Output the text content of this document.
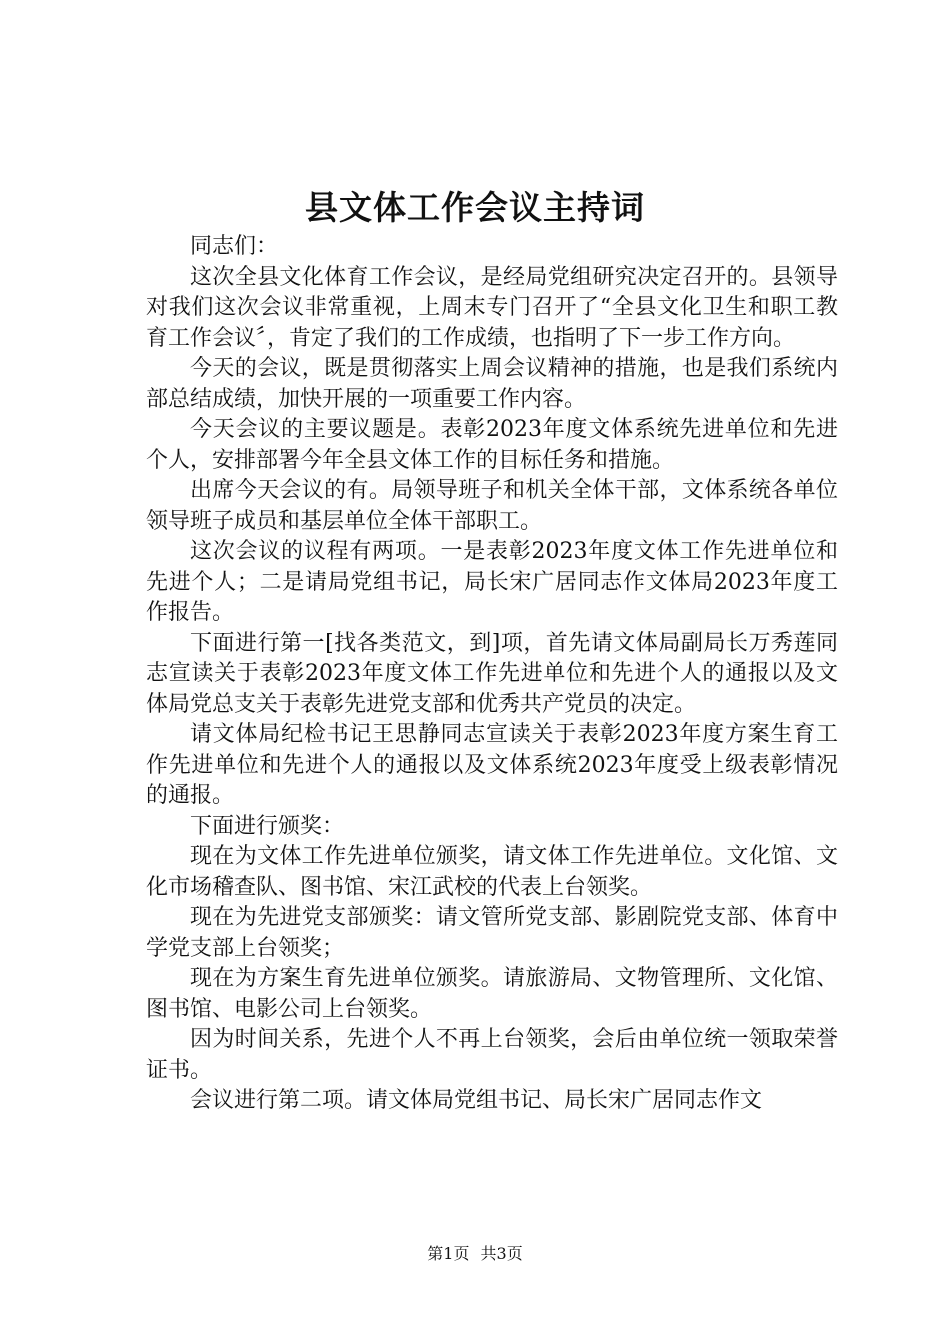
县文体工作会议主持词

同志们：

这次全县文化体育工作会议，是经局党组研究决定召开的。县领导对我们这次会议非常重视，上周末专门召开了“全县文化卫生和职工教育工作会议〞，肯定了我们的工作成绩，也指明了下一步工作方向。

今天的会议，既是贯彻落实上周会议精神的措施，也是我们系统内部总结成绩，加快开展的一项重要工作内容。

今天会议的主要议题是。表彰2023年度文体系统先进单位和先进个人，安排部署今年全县文体工作的目标任务和措施。

出席今天会议的有。局领导班子和机关全体干部，文体系统各单位领导班子成员和基层单位全体干部职工。

这次会议的议程有两项。一是表彰2023年度文体工作先进单位和先进个人；二是请局党组书记，局长宋广居同志作文体局2023年度工作报告。

下面进行第一[找各类范文，到]项，首先请文体局副局长万秀莲同志宣读关于表彰2023年度文体工作先进单位和先进个人的通报以及文体局党总支关于表彰先进党支部和优秀共产党员的决定。

请文体局纪检书记王思静同志宣读关于表彰2023年度方案生育工作先进单位和先进个人的通报以及文体系统2023年度受上级表彰情况的通报。

下面进行颁奖：

现在为文体工作先进单位颁奖，请文体工作先进单位。文化馆、文化市场稽查队、图书馆、宋江武校的代表上台领奖。

现在为先进党支部颁奖：请文管所党支部、影剧院党支部、体育中学党支部上台领奖；

现在为方案生育先进单位颁奖。请旅游局、文物管理所、文化馆、图书馆、电影公司上台领奖。

因为时间关系，先进个人不再上台领奖，会后由单位统一领取荣誉证书。

会议进行第二项。请文体局党组书记、局长宋广居同志作文

第1页 共3页
